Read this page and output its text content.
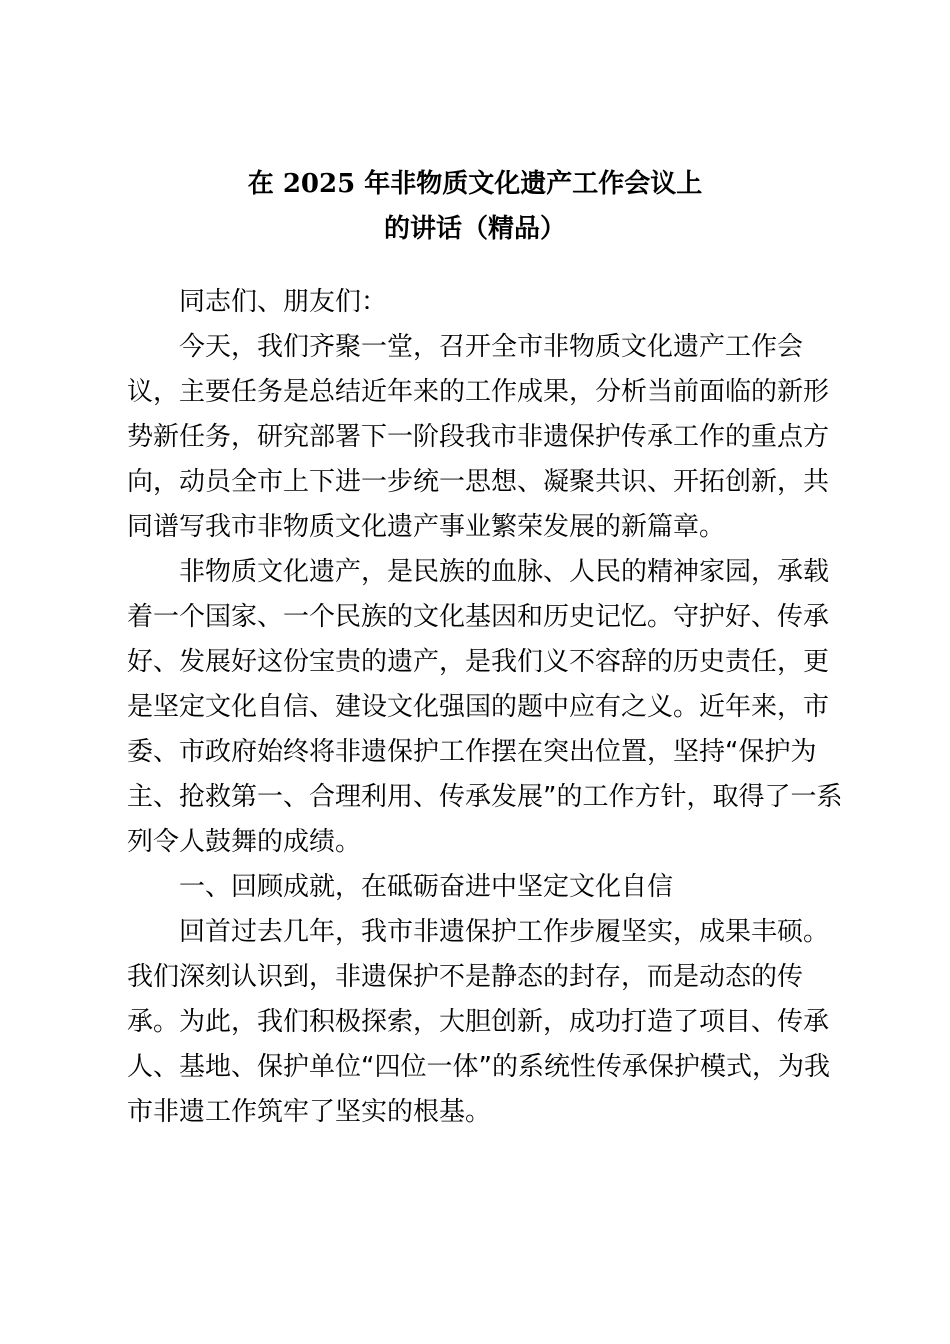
在 2025 年非物质文化遗产工作会议上
的讲话（精品）
同志们、朋友们：
今天，我们齐聚一堂，召开全市非物质文化遗产工作会
议，主要任务是总结近年来的工作成果，分析当前面临的新形
势新任务，研究部署下一阶段我市非遗保护传承工作的重点方
向，动员全市上下进一步统一思想、凝聚共识、开拓创新，共
同谱写我市非物质文化遗产事业繁荣发展的新篇章。
非物质文化遗产，是民族的血脉、人民的精神家园，承载
着一个国家、一个民族的文化基因和历史记忆。守护好、传承
好、发展好这份宝贵的遗产，是我们义不容辞的历史责任，更
是坚定文化自信、建设文化强国的题中应有之义。近年来，市
委、市政府始终将非遗保护工作摆在突出位置，坚持“保护为
主、抢救第一、合理利用、传承发展”的工作方针，取得了一系
列令人鼓舞的成绩。
一、回顾成就，在砥砺奋进中坚定文化自信
回首过去几年，我市非遗保护工作步履坚实，成果丰硕。
我们深刻认识到，非遗保护不是静态的封存，而是动态的传
承。为此，我们积极探索，大胆创新，成功打造了项目、传承
人、基地、保护单位“四位一体”的系统性传承保护模式，为我
市非遗工作筑牢了坚实的根基。
